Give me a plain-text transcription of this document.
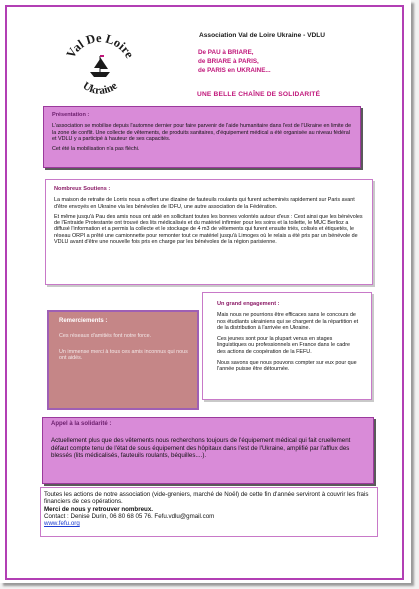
Val De Loire
Ukraine
Association Val de Loire Ukraine - VDLU
De PAU à BRIARE,
de BRIARE à PARIS,
de PARIS en UKRAINE...
UNE BELLE CHAÎNE DE SOLIDARITÉ
Présentation :

L'association se mobilise depuis l'automne dernier pour faire parvenir de l'aide humanitaire dans l'est de l'Ukraine en limite de la zone de conflit. Une collecte de vêtements, de produits sanitaires, d'équipement médical a été organisée au niveau fédéral et VDLU y a participé à hauteur de ses capacités.

Cet été la mobilisation n'a pas fléchi.

Nombreux Soutiens :

La maison de retraite de Lorris nous a offert une dizaine de fauteuils roulants qui furent acheminés rapidement sur Paris avant d'être envoyés en Ukraine via les bénévoles de IDFU, une autre association de la Fédération.

Et même jusqu'à Pau des amis nous ont aidé en sollicitant toutes les bonnes volontés autour d'eux : Cest ainsi que les bénévoles de l'Entraide Protestante ont trouvé des lits médicalisés et du matériel infirmier pour les soins et la toilette, le MUC Berlioz a diffusé l'information et a permis la collecte et le stockage de 4 m3 de vêtements qui furent ensuite triés, colisés et étiquetés, le réseau ORPI a prêté une camionnette pour remonter tout ce matériel jusqu'à Limoges où le relais a été pris par un bénévole de VDLU avant d'être une nouvelle fois pris en charge par les bénévoles de la région parisienne.

Un grand engagement :

Mais nous ne pourrions être efficaces sans le concours de nos étudiants ukrainiens qui se chargent de la répartition et de la distribution à l'arrivée en Ukraine.

Ces jeunes sont pour la plupart venus en stages linguistiques ou professionnels en France dans le cadre des actions de coopération de la FEFU.

Nous savons que nous pouvons compter sur eux pour que l'année puisse être détournée.

Remerciements :

Ces réseaux d'amitiés font notre force.

Un immense merci à tous ces amis inconnus qui nous ont aidés.

Appel à la solidarité :
Actuellement plus que des vêtements nous recherchons toujours de l'équipement médical qui fait cruellement défaut compte tenu de l'état de sous équipement des hôpitaux dans l'est de l'Ukraine, amplifié par l'afflux des blessés (lits médicalisés, fauteuils roulants, béquilles....).
Toutes les actions de notre association (vide-greniers, marché de Noël) de cette fin d'année serviront à couvrir les frais financiers de ces opérations.
Merci de nous y retrouver nombreux.
Contact : Denise Durin, 06 80 68 05 76. Fefu.vdlu@gmail.com
www.fefu.org
